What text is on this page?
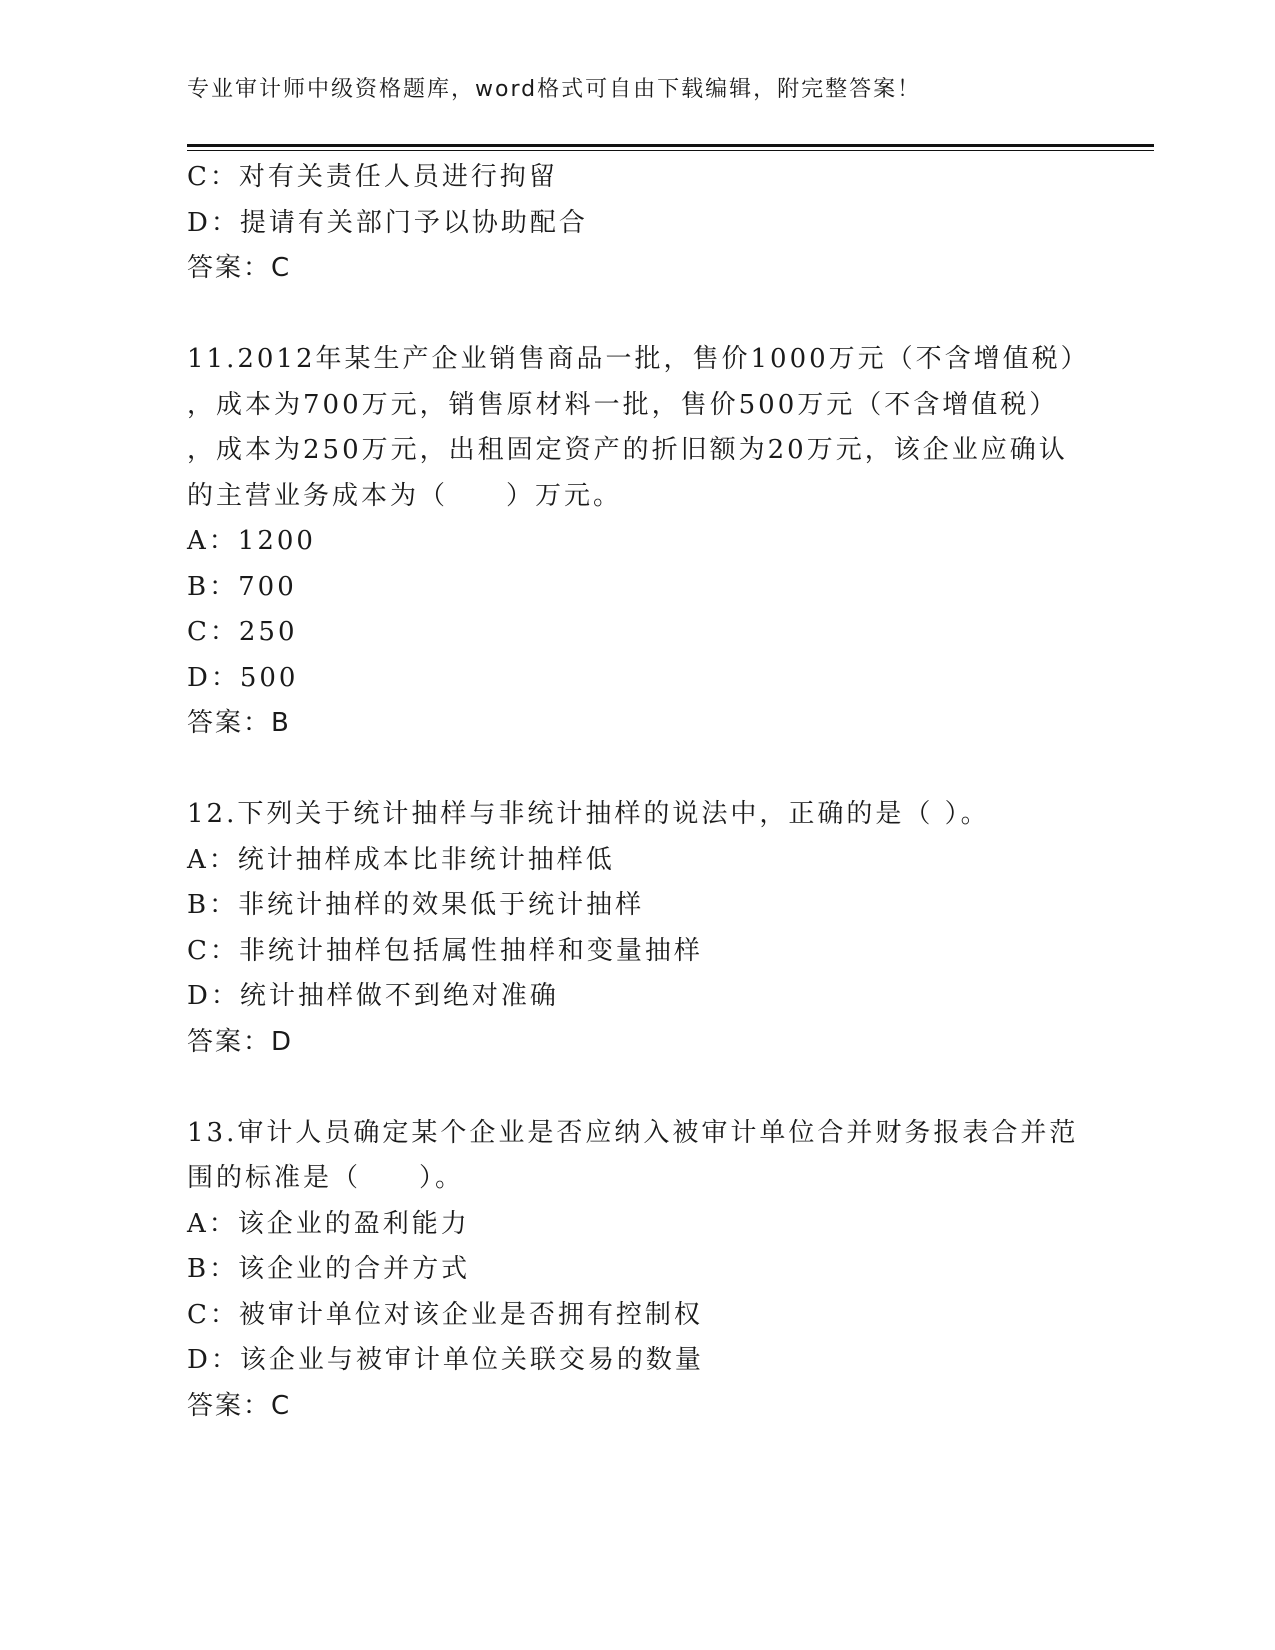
专业审计师中级资格题库，word格式可自由下载编辑，附完整答案！
C：对有关责任人员进行拘留
D：提请有关部门予以协助配合
答案：C
11.2012年某生产企业销售商品一批，售价1000万元（不含增值税）
，成本为700万元，销售原材料一批，售价500万元（不含增值税）
，成本为250万元，出租固定资产的折旧额为20万元，该企业应确认
的主营业务成本为（　　）万元。
A：1200
B：700
C：250
D：500
答案：B
12.下列关于统计抽样与非统计抽样的说法中，正确的是（ ）。
A：统计抽样成本比非统计抽样低
B：非统计抽样的效果低于统计抽样
C：非统计抽样包括属性抽样和变量抽样
D：统计抽样做不到绝对准确
答案：D
13.审计人员确定某个企业是否应纳入被审计单位合并财务报表合并范
围的标准是（　　）。
A：该企业的盈利能力
B：该企业的合并方式
C：被审计单位对该企业是否拥有控制权
D：该企业与被审计单位关联交易的数量
答案：C
